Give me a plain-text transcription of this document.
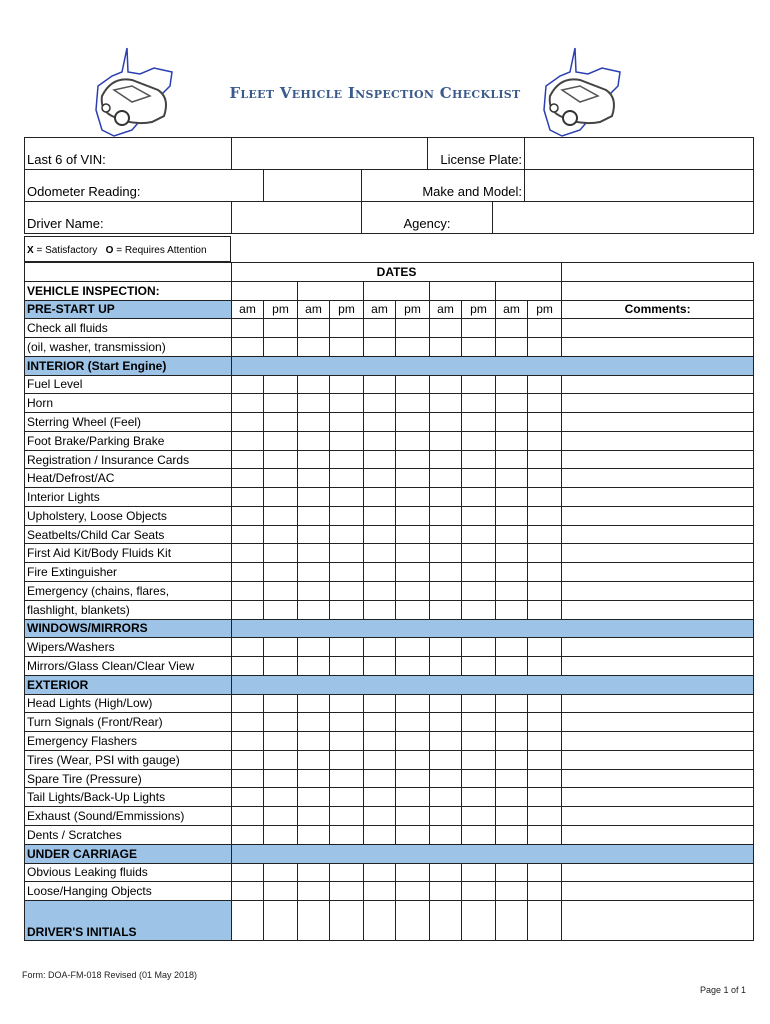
Fleet Vehicle Inspection Checklist
Last 6 of VIN:				License Plate:		
Odometer Reading:			Make and Model:			
Driver Name:			Agency:			
X = Satisfactory O = Requires Attention
	DATES										
VEHICLE INSPECTION:											
PRE-START UP	am	pm	am	pm	am	pm	am	pm	am	pm	Comments:
Check all fluids											
(oil, washer, transmission)											
INTERIOR (Start Engine)											
Fuel Level											
Horn											
Sterring Wheel (Feel)											
Foot Brake/Parking Brake											
Registration / Insurance Cards											
Heat/Defrost/AC											
Interior Lights											
Upholstery, Loose Objects											
Seatbelts/Child Car Seats											
First Aid Kit/Body Fluids Kit											
Fire Extinguisher											
Emergency (chains, flares,											
flashlight, blankets)											
WINDOWS/MIRRORS											
Wipers/Washers											
Mirrors/Glass Clean/Clear View											
EXTERIOR											
Head Lights (High/Low)											
Turn Signals (Front/Rear)											
Emergency Flashers											
Tires (Wear, PSI with gauge)											
Spare Tire (Pressure)											
Tail Lights/Back-Up Lights											
Exhaust (Sound/Emmissions)											
Dents / Scratches											
UNDER CARRIAGE											
Obvious Leaking fluids											
Loose/Hanging Objects											
DRIVER'S INITIALS											
Form: DOA-FM-018 Revised (01 May 2018)
Page 1 of 1
